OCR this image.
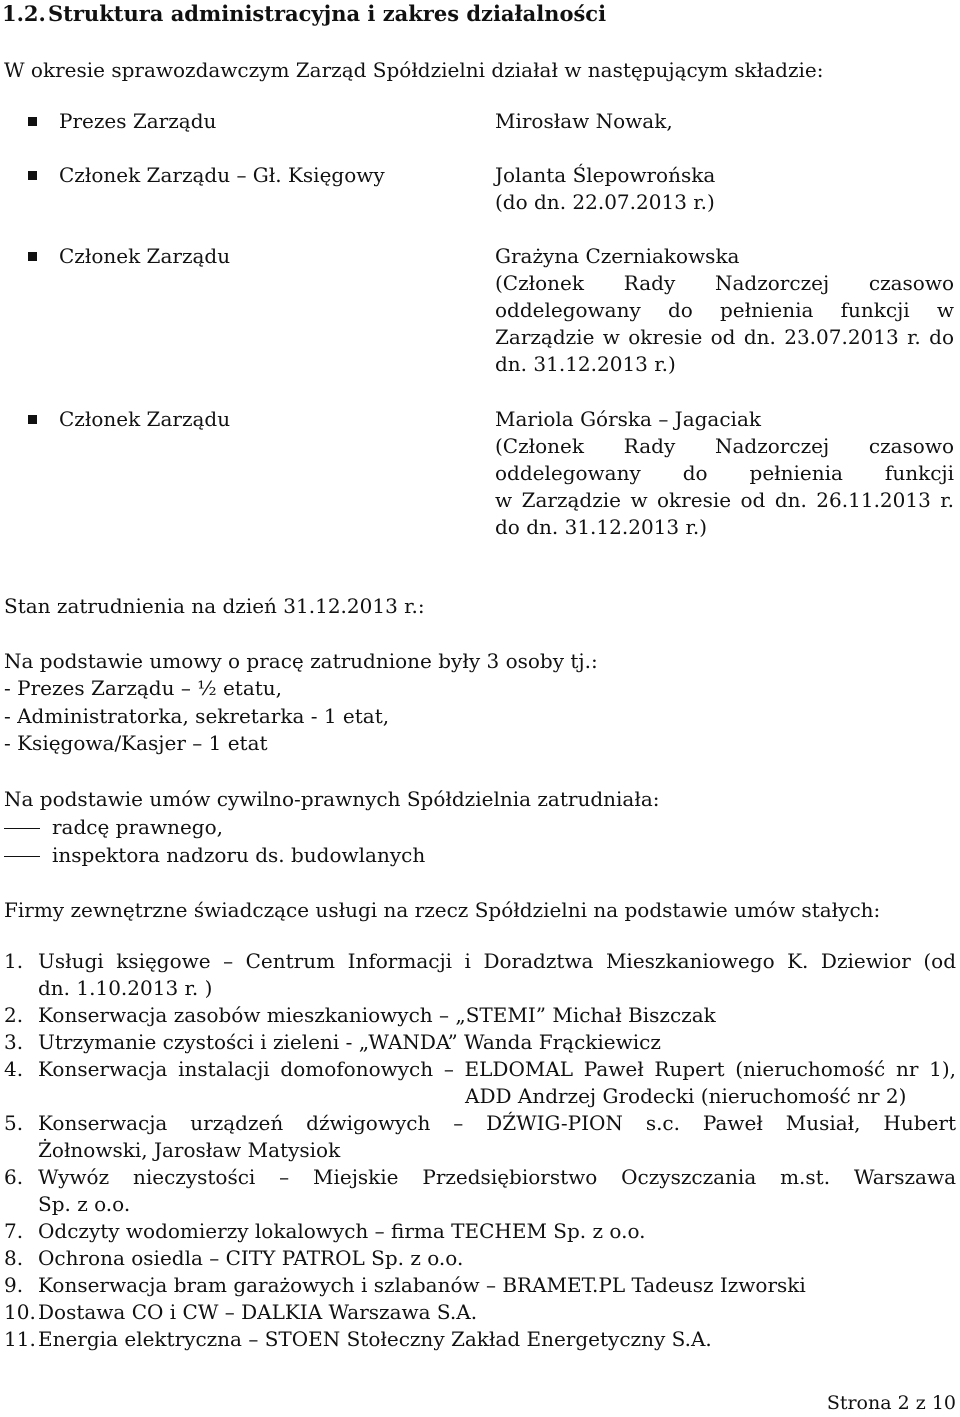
1.2. Struktura administracyjna i zakres działalności
W okresie sprawozdawczym Zarząd Spółdzielni działał w następującym składzie:
Prezes Zarządu	Mirosław Nowak,
Członek Zarządu – Gł. Księgowy	Jolanta Ślepowrońska
(do dn. 22.07.2013 r.)
Członek Zarządu	Grażyna Czerniakowska
(Członek Rady Nadzorczej czasowo
oddelegowany do pełnienia funkcji w
Zarządzie w okresie od dn. 23.07.2013 r. do
dn. 31.12.2013 r.)
Członek Zarządu	Mariola Górska – Jagaciak
(Członek Rady Nadzorczej czasowo
oddelegowany do pełnienia funkcji
w Zarządzie w okresie od dn. 26.11.2013 r.
do dn. 31.12.2013 r.)
Stan zatrudnienia na dzień 31.12.2013 r.:
Na podstawie umowy o pracę zatrudnione były 3 osoby tj.:
- Prezes Zarządu – ½ etatu,
- Administratorka, sekretarka - 1 etat,
- Księgowa/Kasjer – 1 etat
Na podstawie umów cywilno-prawnych Spółdzielnia zatrudniała:
radcę prawnego,
inspektora nadzoru ds. budowlanych
Firmy zewnętrzne świadczące usługi na rzecz Spółdzielni na podstawie umów stałych:
1. Usługi księgowe – Centrum Informacji i Doradztwa Mieszkaniowego K. Dziewior (od
dn. 1.10.2013 r. )
2. Konserwacja zasobów mieszkaniowych – „STEMI” Michał Biszczak
3. Utrzymanie czystości i zieleni - „WANDA” Wanda Frąckiewicz
4. Konserwacja instalacji domofonowych – ELDOMAL Paweł Rupert (nieruchomość nr 1),
ADD Andrzej Grodecki (nieruchomość nr 2)
5. Konserwacja urządzeń dźwigowych – DŹWIG-PION s.c. Paweł Musiał, Hubert
Żołnowski, Jarosław Matysiok
6. Wywóz nieczystości – Miejskie Przedsiębiorstwo Oczyszczania m.st. Warszawa
Sp. z o.o.
7. Odczyty wodomierzy lokalowych – firma TECHEM Sp. z o.o.
8. Ochrona osiedla – CITY PATROL Sp. z o.o.
9. Konserwacja bram garażowych i szlabanów – BRAMET.PL Tadeusz Izworski
10. Dostawa CO i CW – DALKIA Warszawa S.A.
11. Energia elektryczna – STOEN Stołeczny Zakład Energetyczny S.A.
Strona 2 z 10
